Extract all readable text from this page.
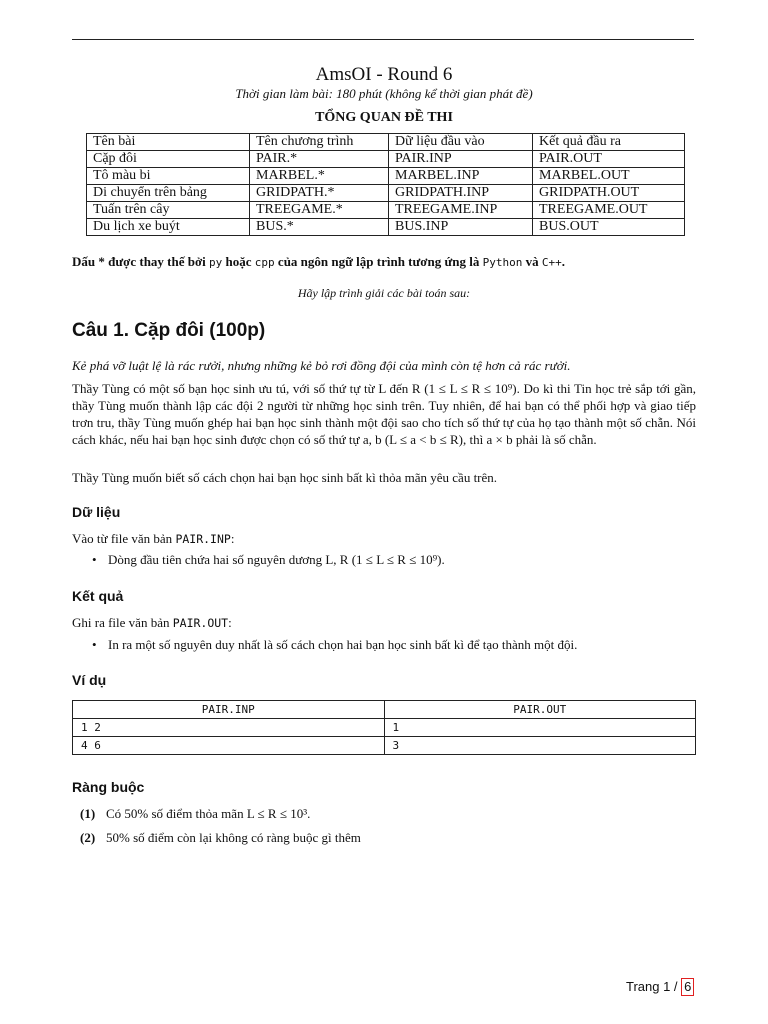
AmsOI - Round 6
Thời gian làm bài: 180 phút (không kể thời gian phát đề)
TỔNG QUAN ĐỀ THI
Tên bài	Tên chương trình	Dữ liệu đầu vào	Kết quả đầu ra
Cặp đôi	PAIR.*	PAIR.INP	PAIR.OUT
Tô màu bi	MARBEL.*	MARBEL.INP	MARBEL.OUT
Di chuyển trên bảng	GRIDPATH.*	GRIDPATH.INP	GRIDPATH.OUT
Tuấn trên cây	TREEGAME.*	TREEGAME.INP	TREEGAME.OUT
Du lịch xe buýt	BUS.*	BUS.INP	BUS.OUT
Dấu * được thay thế bởi py hoặc cpp của ngôn ngữ lập trình tương ứng là Python và C++.
Hãy lập trình giải các bài toán sau:
Câu 1. Cặp đôi (100p)
Kẻ phá vỡ luật lệ là rác rưởi, nhưng những kẻ bỏ rơi đồng đội của mình còn tệ hơn cả rác rưởi.
Thầy Tùng có một số bạn học sinh ưu tú, với số thứ tự từ L đến R (1 ≤ L ≤ R ≤ 10⁹). Do kì thi Tin học trẻ sắp tới gần, thầy Tùng muốn thành lập các đội 2 người từ những học sinh trên. Tuy nhiên, để hai bạn có thể phối hợp và giao tiếp trơn tru, thầy Tùng muốn ghép hai bạn học sinh thành một đội sao cho tích số thứ tự của họ tạo thành một số chẵn. Nói cách khác, nếu hai bạn học sinh được chọn có số thứ tự a, b (L ≤ a < b ≤ R), thì a × b phải là số chẵn.
Thầy Tùng muốn biết số cách chọn hai bạn học sinh bất kì thỏa mãn yêu cầu trên.
Dữ liệu
Vào từ file văn bản PAIR.INP:
• Dòng đầu tiên chứa hai số nguyên dương L, R (1 ≤ L ≤ R ≤ 10⁹).
Kết quả
Ghi ra file văn bản PAIR.OUT:
• In ra một số nguyên duy nhất là số cách chọn hai bạn học sinh bất kì để tạo thành một đội.
Ví dụ
PAIR.INP	PAIR.OUT
1 2	1
4 6	3
Ràng buộc
(1) Có 50% số điểm thỏa mãn L ≤ R ≤ 10³.
(2) 50% số điểm còn lại không có ràng buộc gì thêm
Trang 1 / 6
